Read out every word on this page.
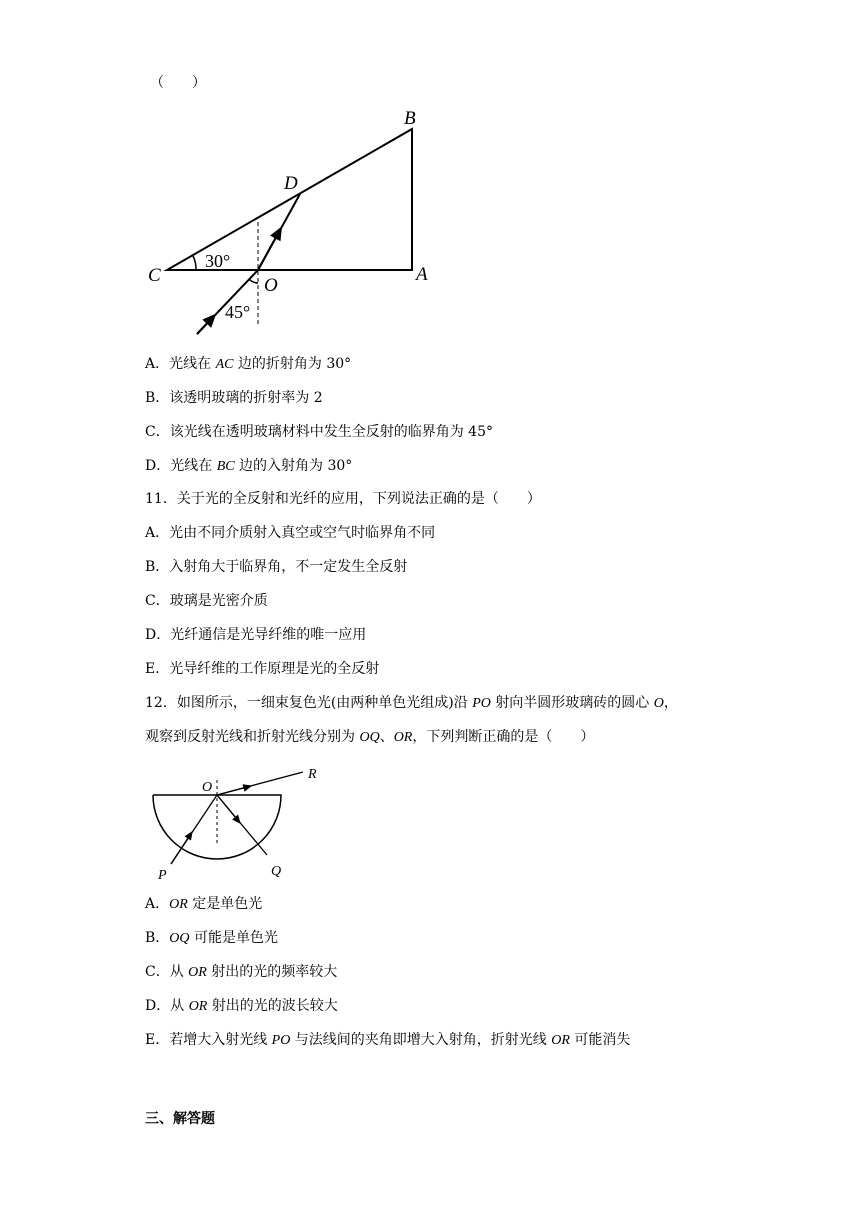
（　　）
B
D
C	O
A
30°
45°
A．光线在 AC 边的折射角为 30°
B．该透明玻璃的折射率为 2
C．该光线在透明玻璃材料中发生全反射的临界角为 45°
D．光线在 BC 边的入射角为 30°
11．关于光的全反射和光纤的应用，下列说法正确的是（　　）
A．光由不同介质射入真空或空气时临界角不同
B．入射角大于临界角，不一定发生全反射
C．玻璃是光密介质
D．光纤通信是光导纤维的唯一应用
E．光导纤维的工作原理是光的全反射
12．如图所示，一细束复色光(由两种单色光组成)沿 PO 射向半圆形玻璃砖的圆心 O，
观察到反射光线和折射光线分别为 OQ、OR，下列判断正确的是（　　）
O
R
P	Q
A．OR 定是单色光
B．OQ 可能是单色光
C．从 OR 射出的光的频率较大
D．从 OR 射出的光的波长较大
E．若增大入射光线 PO 与法线间的夹角即增大入射角，折射光线 OR 可能消失
三、解答题
